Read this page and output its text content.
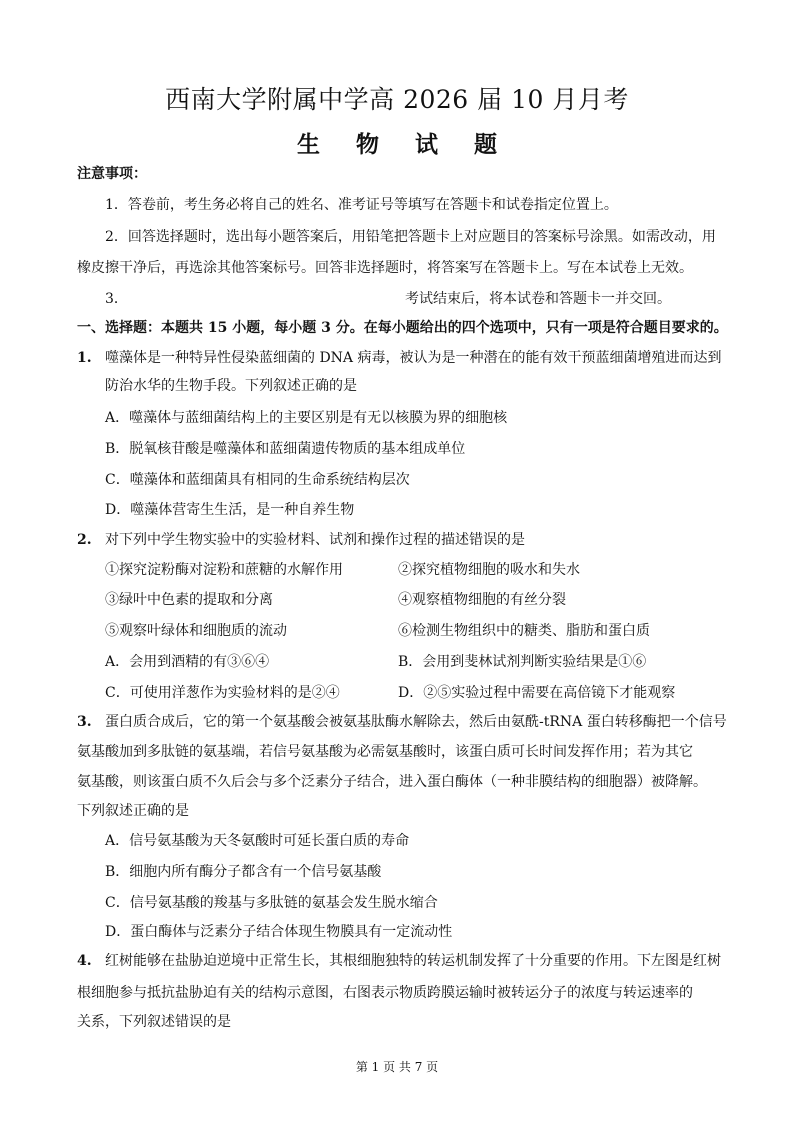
西南大学附属中学高 2026 届 10 月月考
生 物 试 题
注意事项：
1．答卷前，考生务必将自己的姓名、准考证号等填写在答题卡和试卷指定位置上。
2．回答选择题时，选出每小题答案后，用铅笔把答题卡上对应题目的答案标号涂黑。如需改动，用
橡皮擦干净后，再选涂其他答案标号。回答非选择题时，将答案写在答题卡上。写在本试卷上无效。
3．	考试结束后，将本试卷和答题卡一并交回。
一、选择题：本题共 15 小题，每小题 3 分。在每小题给出的四个选项中，只有一项是符合题目要求的。
1. 噬藻体是一种特异性侵染蓝细菌的 DNA 病毒，被认为是一种潜在的能有效干预蓝细菌增殖进而达到
防治水华的生物手段。下列叙述正确的是
A．噬藻体与蓝细菌结构上的主要区别是有无以核膜为界的细胞核
B．脱氧核苷酸是噬藻体和蓝细菌遗传物质的基本组成单位
C．噬藻体和蓝细菌具有相同的生命系统结构层次
D．噬藻体营寄生生活，是一种自养生物
2. 对下列中学生物实验中的实验材料、试剂和操作过程的描述错误的是
①探究淀粉酶对淀粉和蔗糖的水解作用	②探究植物细胞的吸水和失水
③绿叶中色素的提取和分离	④观察植物细胞的有丝分裂
⑤观察叶绿体和细胞质的流动	⑥检测生物组织中的糖类、脂肪和蛋白质
A．会用到酒精的有③⑥④	B．会用到斐林试剂判断实验结果是①⑥
C．可使用洋葱作为实验材料的是②④	D．②⑤实验过程中需要在高倍镜下才能观察
3. 蛋白质合成后，它的第一个氨基酸会被氨基肽酶水解除去，然后由氨酰-tRNA 蛋白转移酶把一个信号
氨基酸加到多肽链的氨基端，若信号氨基酸为必需氨基酸时，该蛋白质可长时间发挥作用；若为其它
氨基酸，则该蛋白质不久后会与多个泛素分子结合，进入蛋白酶体（一种非膜结构的细胞器）被降解。
下列叙述正确的是
A．信号氨基酸为天冬氨酸时可延长蛋白质的寿命
B．细胞内所有酶分子都含有一个信号氨基酸
C．信号氨基酸的羧基与多肽链的氨基会发生脱水缩合
D．蛋白酶体与泛素分子结合体现生物膜具有一定流动性
4. 红树能够在盐胁迫逆境中正常生长，其根细胞独特的转运机制发挥了十分重要的作用。下左图是红树
根细胞参与抵抗盐胁迫有关的结构示意图，右图表示物质跨膜运输时被转运分子的浓度与转运速率的
关系，下列叙述错误的是
第 1 页 共 7 页
